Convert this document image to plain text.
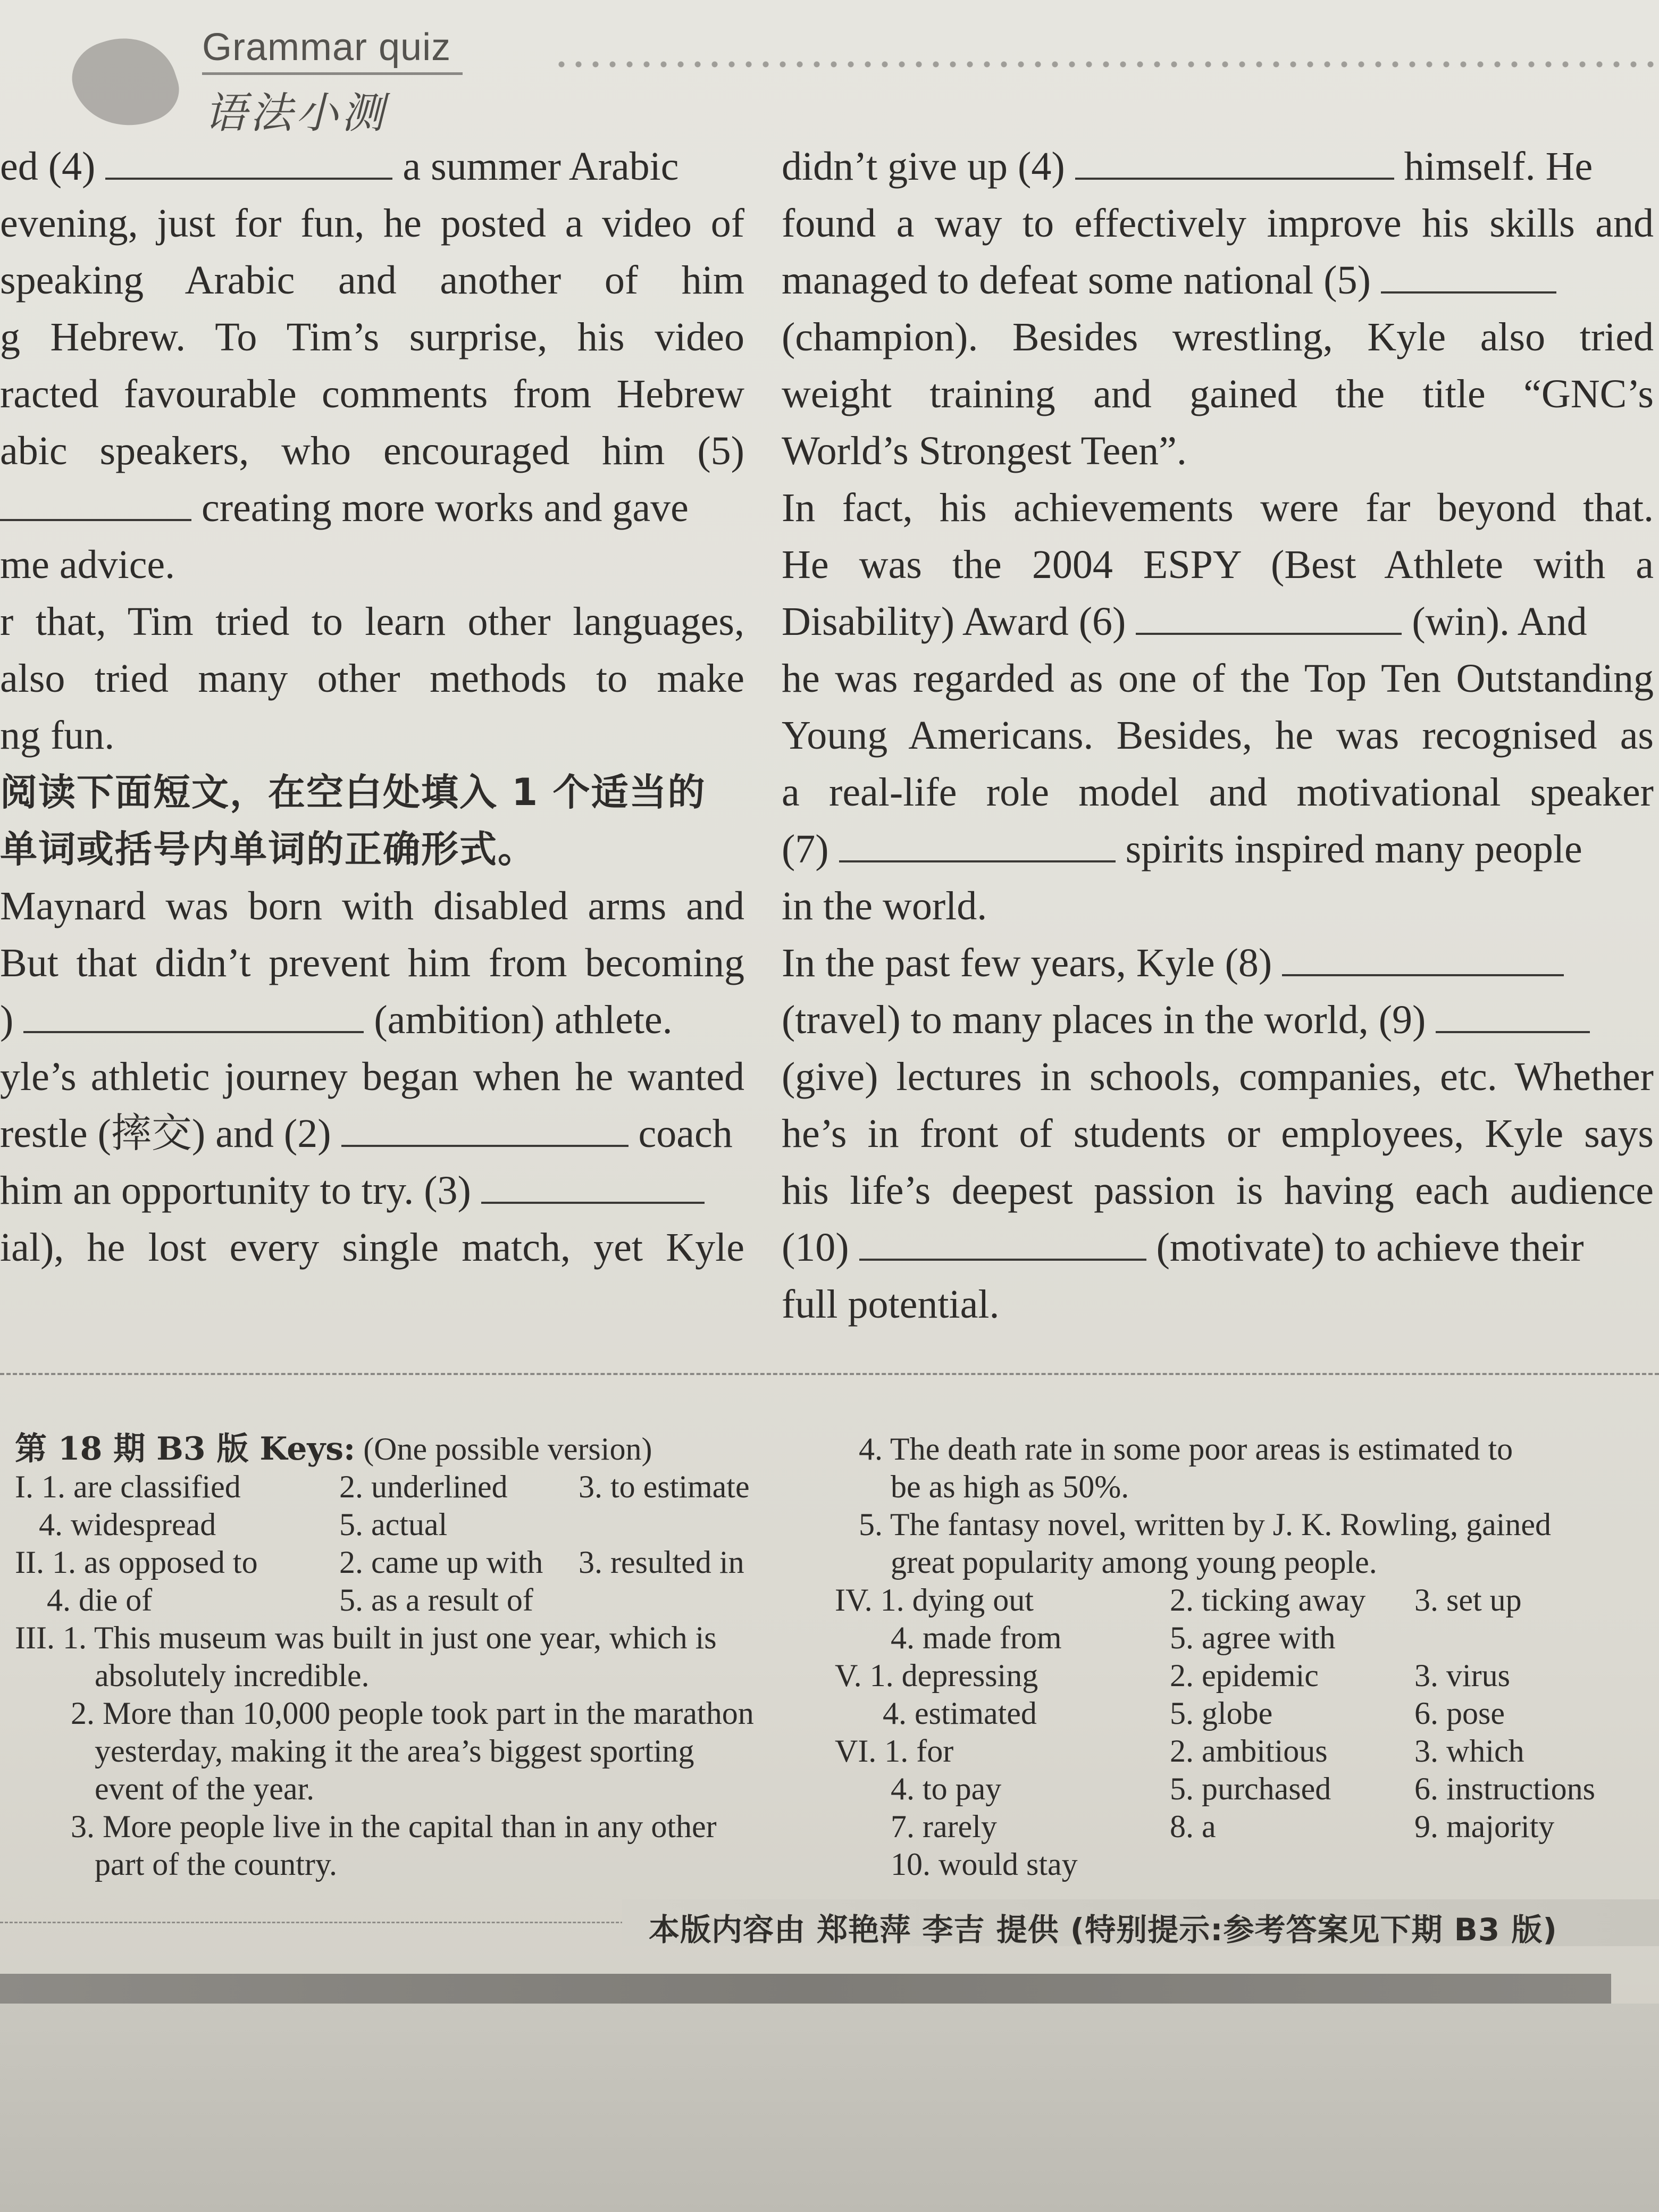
Grammar quiz
语法小测
ed (4)	a summer Arabic
evening, just for fun, he posted a video of
speaking Arabic and another of him
g Hebrew. To Tim’s surprise, his video
racted favourable comments from Hebrew
abic speakers, who encouraged him (5)
creating more works and gave
me advice.
r that, Tim tried to learn other languages,
also tried many other methods to make
ng fun.
阅读下面短文，在空白处填入 1 个适当的
单词或括号内单词的正确形式。
Maynard was born with disabled arms and
But that didn’t prevent him from becoming
)	(ambition) athlete.
yle’s athletic journey began when he wanted
restle (摔交) and (2)	coach
him an opportunity to try. (3)
ial), he lost every single match, yet Kyle
didn’t give up (4)	himself. He
found a way to effectively improve his skills and
managed to defeat some national (5)
(champion). Besides wrestling, Kyle also tried
weight training and gained the title “GNC’s
World’s Strongest Teen”.
In fact, his achievements were far beyond that.
He was the 2004 ESPY (Best Athlete with a
Disability) Award (6)	(win). And
he was regarded as one of the Top Ten Outstanding
Young Americans. Besides, he was recognised as
a real-life role model and motivational speaker
(7)	spirits inspired many people
in the world.
In the past few years, Kyle (8)
(travel) to many places in the world, (9)
(give) lectures in schools, companies, etc. Whether
he’s in front of students or employees, Kyle says
his life’s deepest passion is having each audience
(10)	(motivate) to achieve their
full potential.
第 18 期 B3 版 Keys: (One possible version)
I. 1. are classified	2. underlined 3. to estimate
4. widespread	5. actual
II. 1. as opposed to	2. came up with 3. resulted in
4. die of	5. as a result of
III. 1. This museum was built in just one year, which is
absolutely incredible.
2. More than 10,000 people took part in the marathon
yesterday, making it the area’s biggest sporting
event of the year.
3. More people live in the capital than in any other
part of the country.
4. The death rate in some poor areas is estimated to
be as high as 50%.
5. The fantasy novel, written by J. K. Rowling, gained
great popularity among young people.
IV. 1. dying out	2. ticking away 3. set up
4. made from	5. agree with
V. 1. depressing	2. epidemic	3. virus
4. estimated	5. globe	6. pose
VI. 1. for	2. ambitious	3. which
4. to pay	5. purchased	6. instructions
7. rarely	8. a	9. majority
10. would stay
本版内容由 郑艳萍 李吉 提供 (特别提示:参考答案见下期 B3 版)
